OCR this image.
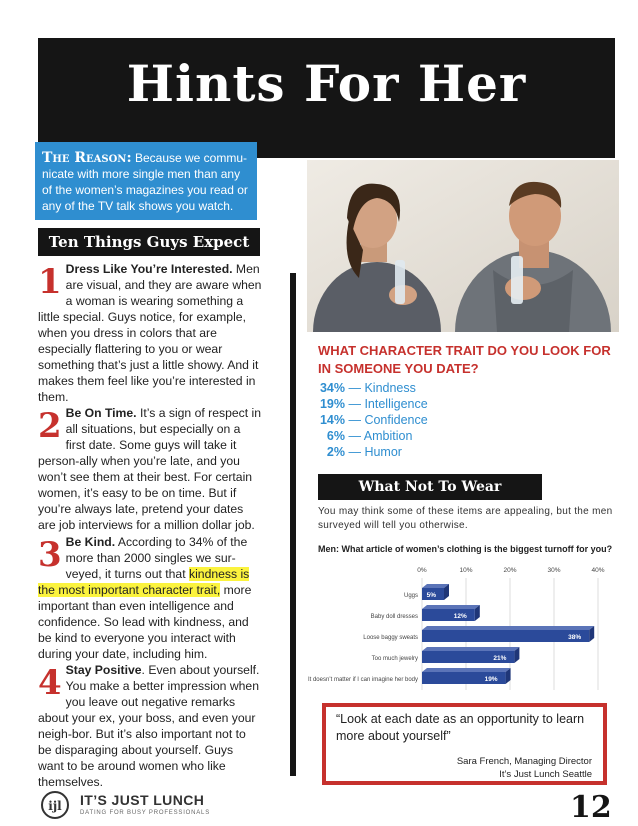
Hints For Her
The Reason: Because we commu-nicate with more single men than any of the women’s magazines you read or any of the TV talk shows you watch.
Ten Things Guys Expect
1 Dress Like You’re Interested. Men are visual, and they are aware when a woman is wearing something a little special. Guys notice, for example, when you dress in colors that are especially flattering to you or wear something that’s just a little showy. And it makes them feel like you’re interested in them.
2 Be On Time. It’s a sign of respect in all situations, but especially on a first date. Some guys will take it person-ally when you’re late, and you won’t see them at their best. For certain women, it’s easy to be on time. But if you’re always late, pretend your dates are job interviews for a million dollar job.
3 Be Kind. According to 34% of the more than 2000 singles we sur-veyed, it turns out that kindness is the most important character trait, more important than even intelligence and confidence. So lead with kindness, and be kind to everyone you interact with during your date, including him.
4 Stay Positive. Even about yourself. You make a better impression when you leave out negative remarks about your ex, your boss, and even your neigh-bor. But it’s also important not to be disparaging about yourself. Guys want to be around women who like themselves.
WHAT CHARACTER TRAIT DO YOU LOOK FOR IN SOMEONE YOU DATE?
34% — Kindness
19% — Intelligence
14% — Confidence
6% — Ambition
2% — Humor
What Not To Wear
You may think some of these items are appealing, but the men surveyed will tell you otherwise.
Men: What article of women’s clothing is the biggest turnoff for you?
0%	10%	20%	30%	40%
Uggs 5%
Baby doll dresses	12%
Loose baggy sweats	38%
Too much jewelry	21%
It doesn’t matter if I can imagine her body	19%
“Look at each date as an opportunity to learn more about yourself”
Sara French, Managing Director
It’s Just Lunch Seattle
ijl IT’S JUST LUNCH
DATING FOR BUSY PROFESSIONALS	12
